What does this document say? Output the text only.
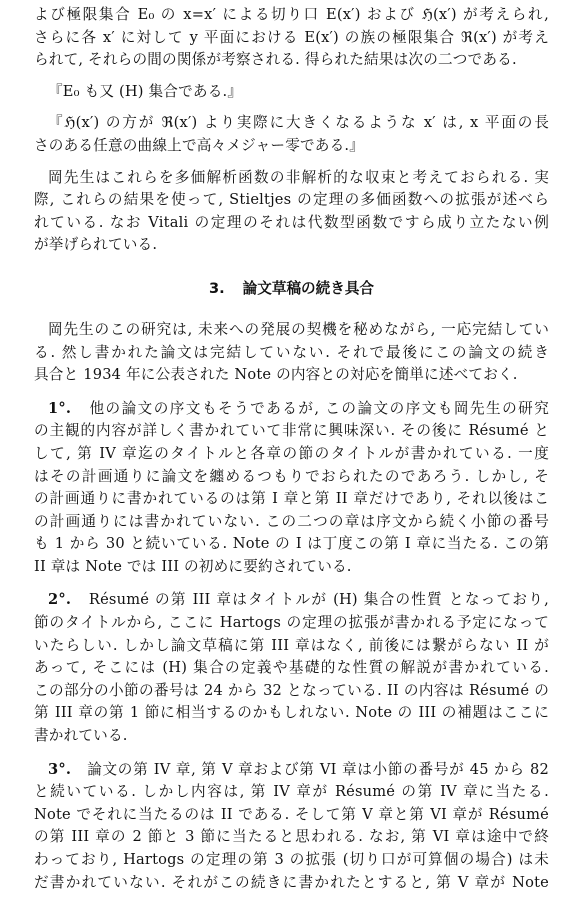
よび極限集合 E₀ の x=x′ による切り口 E(x′) および ℌ(x′) が考えられ,
さらに各 x′ に対して y 平面における E(x′) の族の極限集合 ℜ(x′) が考え
られて, それらの間の関係が考察される. 得られた結果は次の二つである.
『E₀ も又 (H) 集合である.』
『ℌ(x′) の方が ℜ(x′) より実際に大きくなるような x′ は, x 平面の長
さのある任意の曲線上で高々メジャー零である.』
岡先生はこれらを多価解析函数の非解析的な収束と考えておられる. 実
際, これらの結果を使って, Stieltjes の定理の多価函数への拡張が述べら
れている. なお Vitali の定理のそれは代数型函数ですら成り立たない例
が挙げられている.
3. 論文草稿の続き具合
岡先生のこの研究は, 未来への発展の契機を秘めながら, 一応完結してい
る. 然し書かれた論文は完結していない. それで最後にこの論文の続き
具合と 1934 年に公表された Note の内容との対応を簡単に述べておく.
1°. 他の論文の序文もそうであるが, この論文の序文も岡先生の研究
の主観的内容が詳しく書かれていて非常に興味深い. その後に Résumé と
して, 第 IV 章迄のタイトルと各章の節のタイトルが書かれている. 一度
はその計画通りに論文を纏めるつもりでおられたのであろう. しかし, そ
の計画通りに書かれているのは第 I 章と第 II 章だけであり, それ以後はこ
の計画通りには書かれていない. この二つの章は序文から続く小節の番号
も 1 から 30 と続いている. Note の I は丁度この第 I 章に当たる. この第
II 章は Note では III の初めに要約されている.
2°. Résumé の第 III 章はタイトルが (H) 集合の性質 となっており,
節のタイトルから, ここに Hartogs の定理の拡張が書かれる予定になって
いたらしい. しかし論文草稿に第 III 章はなく, 前後には繋がらない II が
あって, そこには (H) 集合の定義や基礎的な性質の解説が書かれている.
この部分の小節の番号は 24 から 32 となっている. II の内容は Résumé の
第 III 章の第 1 節に相当するのかもしれない. Note の III の補題はここに
書かれている.
3°. 論文の第 IV 章, 第 V 章および第 VI 章は小節の番号が 45 から 82
と続いている. しかし内容は, 第 IV 章が Résumé の第 IV 章に当たる.
Note でそれに当たるのは II である. そして第 V 章と第 VI 章が Résumé
の第 III 章の 2 節と 3 節に当たると思われる. なお, 第 VI 章は途中で終
わっており, Hartogs の定理の第 3 の拡張 (切り口が可算個の場合) は未
だ書かれていない. それがこの続きに書かれたとすると, 第 V 章が Note
